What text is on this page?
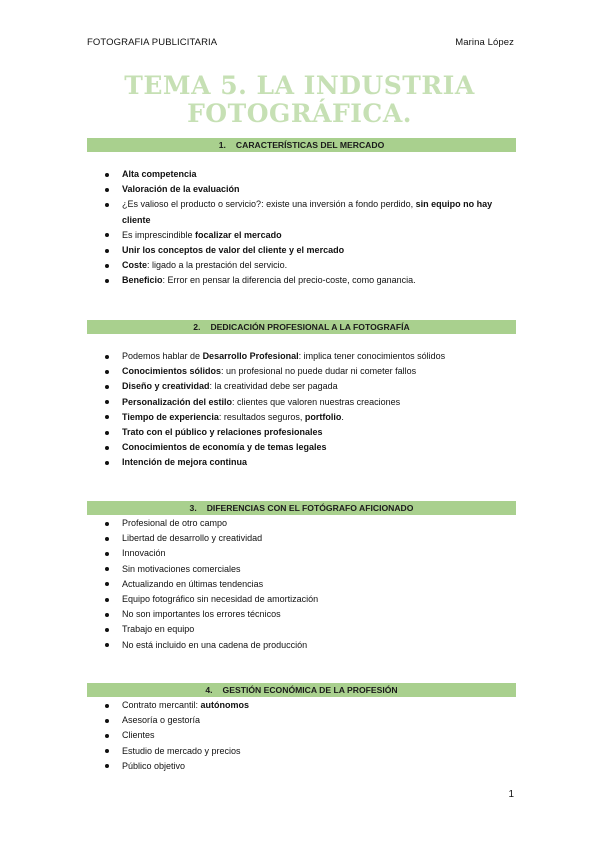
FOTOGRAFIA PUBLICITARIA	Marina López
TEMA 5. LA INDUSTRIA
FOTOGRÁFICA.
1. CARACTERÍSTICAS DEL MERCADO
Alta competencia
Valoración de la evaluación
¿Es valioso el producto o servicio?: existe una inversión a fondo perdido, sin equipo no hay cliente
Es imprescindible focalizar el mercado
Unir los conceptos de valor del cliente y el mercado
Coste: ligado a la prestación del servicio.
Beneficio: Error en pensar la diferencia del precio-coste, como ganancia.
2. DEDICACIÓN PROFESIONAL A LA FOTOGRAFÍA
Podemos hablar de Desarrollo Profesional: implica tener conocimientos sólidos
Conocimientos sólidos: un profesional no puede dudar ni cometer fallos
Diseño y creatividad: la creatividad debe ser pagada
Personalización del estilo: clientes que valoren nuestras creaciones
Tiempo de experiencia: resultados seguros, portfolio.
Trato con el público y relaciones profesionales
Conocimientos de economía y de temas legales
Intención de mejora continua
3. DIFERENCIAS CON EL FOTÓGRAFO AFICIONADO
Profesional de otro campo
Libertad de desarrollo y creatividad
Innovación
Sin motivaciones comerciales
Actualizando en últimas tendencias
Equipo fotográfico sin necesidad de amortización
No son importantes los errores técnicos
Trabajo en equipo
No está incluido en una cadena de producción
4. GESTIÓN ECONÓMICA DE LA PROFESIÓN
Contrato mercantil: autónomos
Asesoría o gestoría
Clientes
Estudio de mercado y precios
Público objetivo
1
